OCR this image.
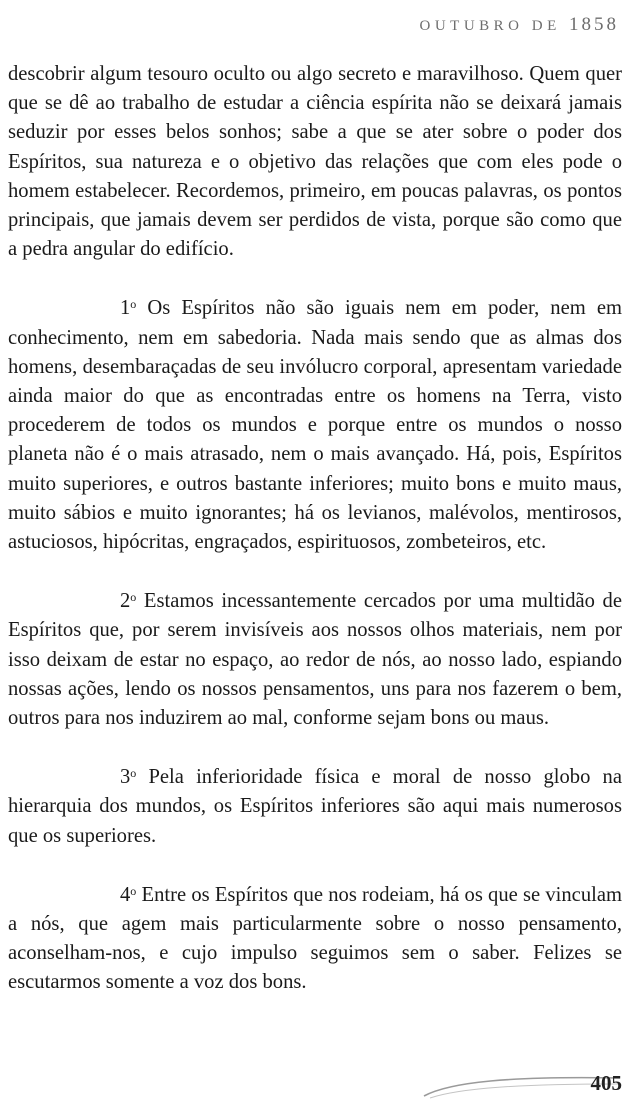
OUTUBRO DE 1858

descobrir algum tesouro oculto ou algo secreto e maravilhoso. Quem quer que se dê ao trabalho de estudar a ciência espírita não se deixará jamais seduzir por esses belos sonhos; sabe a que se ater sobre o poder dos Espíritos, sua natureza e o objetivo das relações que com eles pode o homem estabelecer. Recordemos, primeiro, em poucas palavras, os pontos principais, que jamais devem ser perdidos de vista, porque são como que a pedra angular do edifício.

1$^o$ Os Espíritos não são iguais nem em poder, nem em conhecimento, nem em sabedoria. Nada mais sendo que as almas dos homens, desembaraçadas de seu invólucro corporal, apresentam variedade ainda maior do que as encontradas entre os homens na Terra, visto procederem de todos os mundos e porque entre os mundos o nosso planeta não é o mais atrasado, nem o mais avançado. Há, pois, Espíritos muito superiores, e outros bastante inferiores; muito bons e muito maus, muito sábios e muito ignorantes; há os levianos, malévolos, mentirosos, astuciosos, hipócritas, engraçados, espirituosos, zombeteiros, etc.

2$^o$ Estamos incessantemente cercados por uma multidão de Espíritos que, por serem invisíveis aos nossos olhos materiais, nem por isso deixam de estar no espaço, ao redor de nós, ao nosso lado, espiando nossas ações, lendo os nossos pensamentos, uns para nos fazerem o bem, outros para nos induzirem ao mal, conforme sejam bons ou maus.

3$^o$ Pela inferioridade física e moral de nosso globo na hierarquia dos mundos, os Espíritos inferiores são aqui mais numerosos que os superiores.

4$^o$ Entre os Espíritos que nos rodeiam, há os que se vinculam a nós, que agem mais particularmente sobre o nosso pensamento, aconselham-nos, e cujo impulso seguimos sem o saber. Felizes se escutarmos somente a voz dos bons.

405
